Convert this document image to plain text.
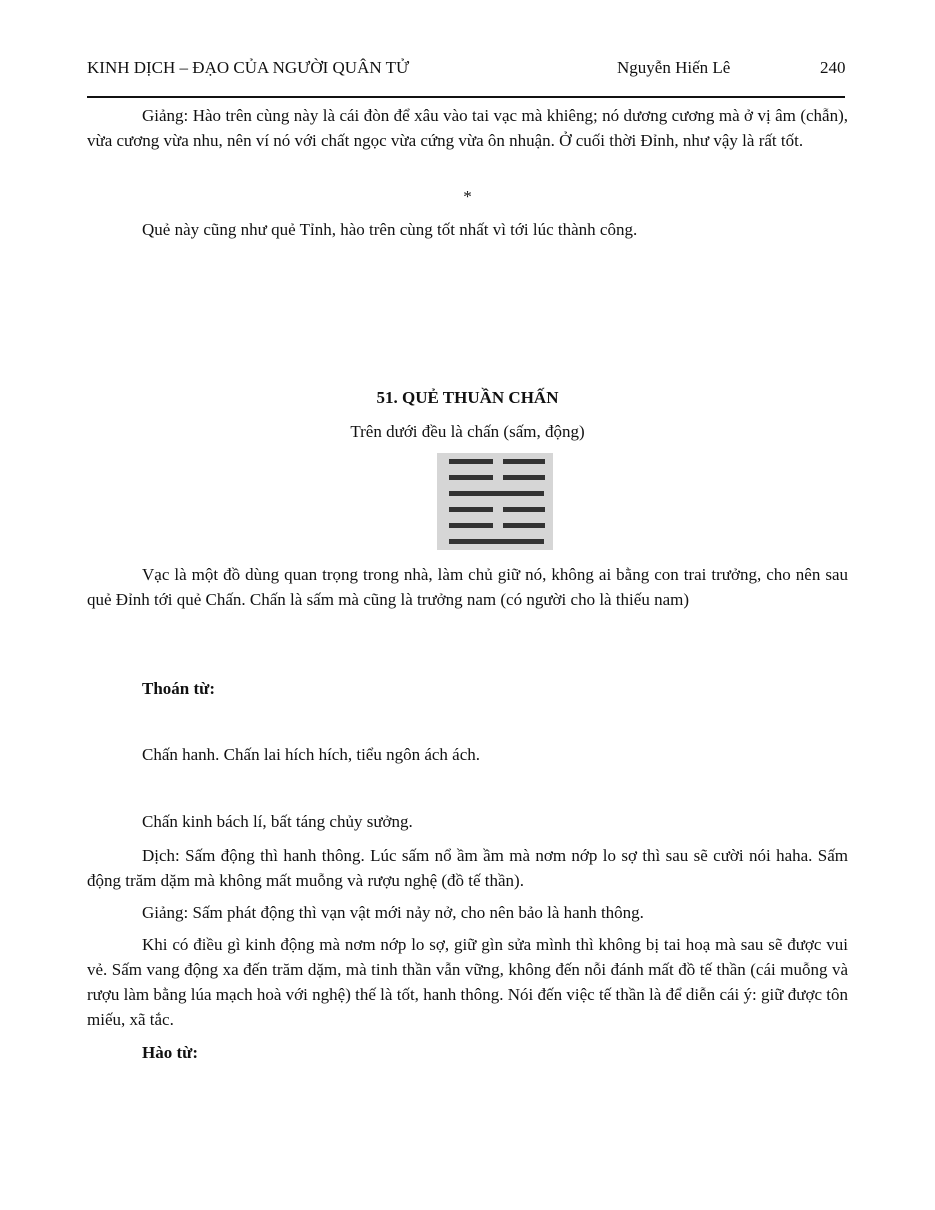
KINH DỊCH – ĐẠO CỦA NGƯỜI QUÂN TỬ	Nguyễn Hiến Lê	240
Giảng: Hào trên cùng này là cái đòn để xâu vào tai vạc mà khiêng; nó dương cương mà ở vị âm (chẫn), vừa cương vừa nhu, nên ví nó với chất ngọc vừa cứng vừa ôn nhuận. Ở cuối thời Đỉnh, như vậy là rất tốt.
*
Quẻ này cũng như quẻ Tỉnh, hào trên cùng tốt nhất vì tới lúc thành công.
51. QUẺ THUẦN CHẤN
Trên dưới đều là chấn (sấm, động)
Vạc là một đồ dùng quan trọng trong nhà, làm chủ giữ nó, không ai bằng con trai trưởng, cho nên sau quẻ Đỉnh tới quẻ Chấn. Chấn là sấm mà cũng là trưởng nam (có người cho là thiếu nam)
Thoán từ:
Chấn hanh. Chấn lai hích hích, tiểu ngôn ách ách.
Chấn kinh bách lí, bất táng chủy sưởng.
Dịch: Sấm động thì hanh thông. Lúc sấm nổ ầm ầm mà nơm nớp lo sợ thì sau sẽ cười nói haha. Sấm động trăm dặm mà không mất muỗng và rượu nghệ (đồ tế thần).
Giảng: Sấm phát động thì vạn vật mới nảy nở, cho nên bảo là hanh thông.
Khi có điều gì kinh động mà nơm nớp lo sợ, giữ gìn sửa mình thì không bị tai hoạ mà sau sẽ được vui vẻ. Sấm vang động xa đến trăm dặm, mà tinh thần vẫn vững, không đến nỗi đánh mất đồ tế thần (cái muỗng và rượu làm bằng lúa mạch hoà với nghệ) thế là tốt, hanh thông. Nói đến việc tế thần là để diễn cái ý: giữ được tôn miếu, xã tắc.
Hào từ:
